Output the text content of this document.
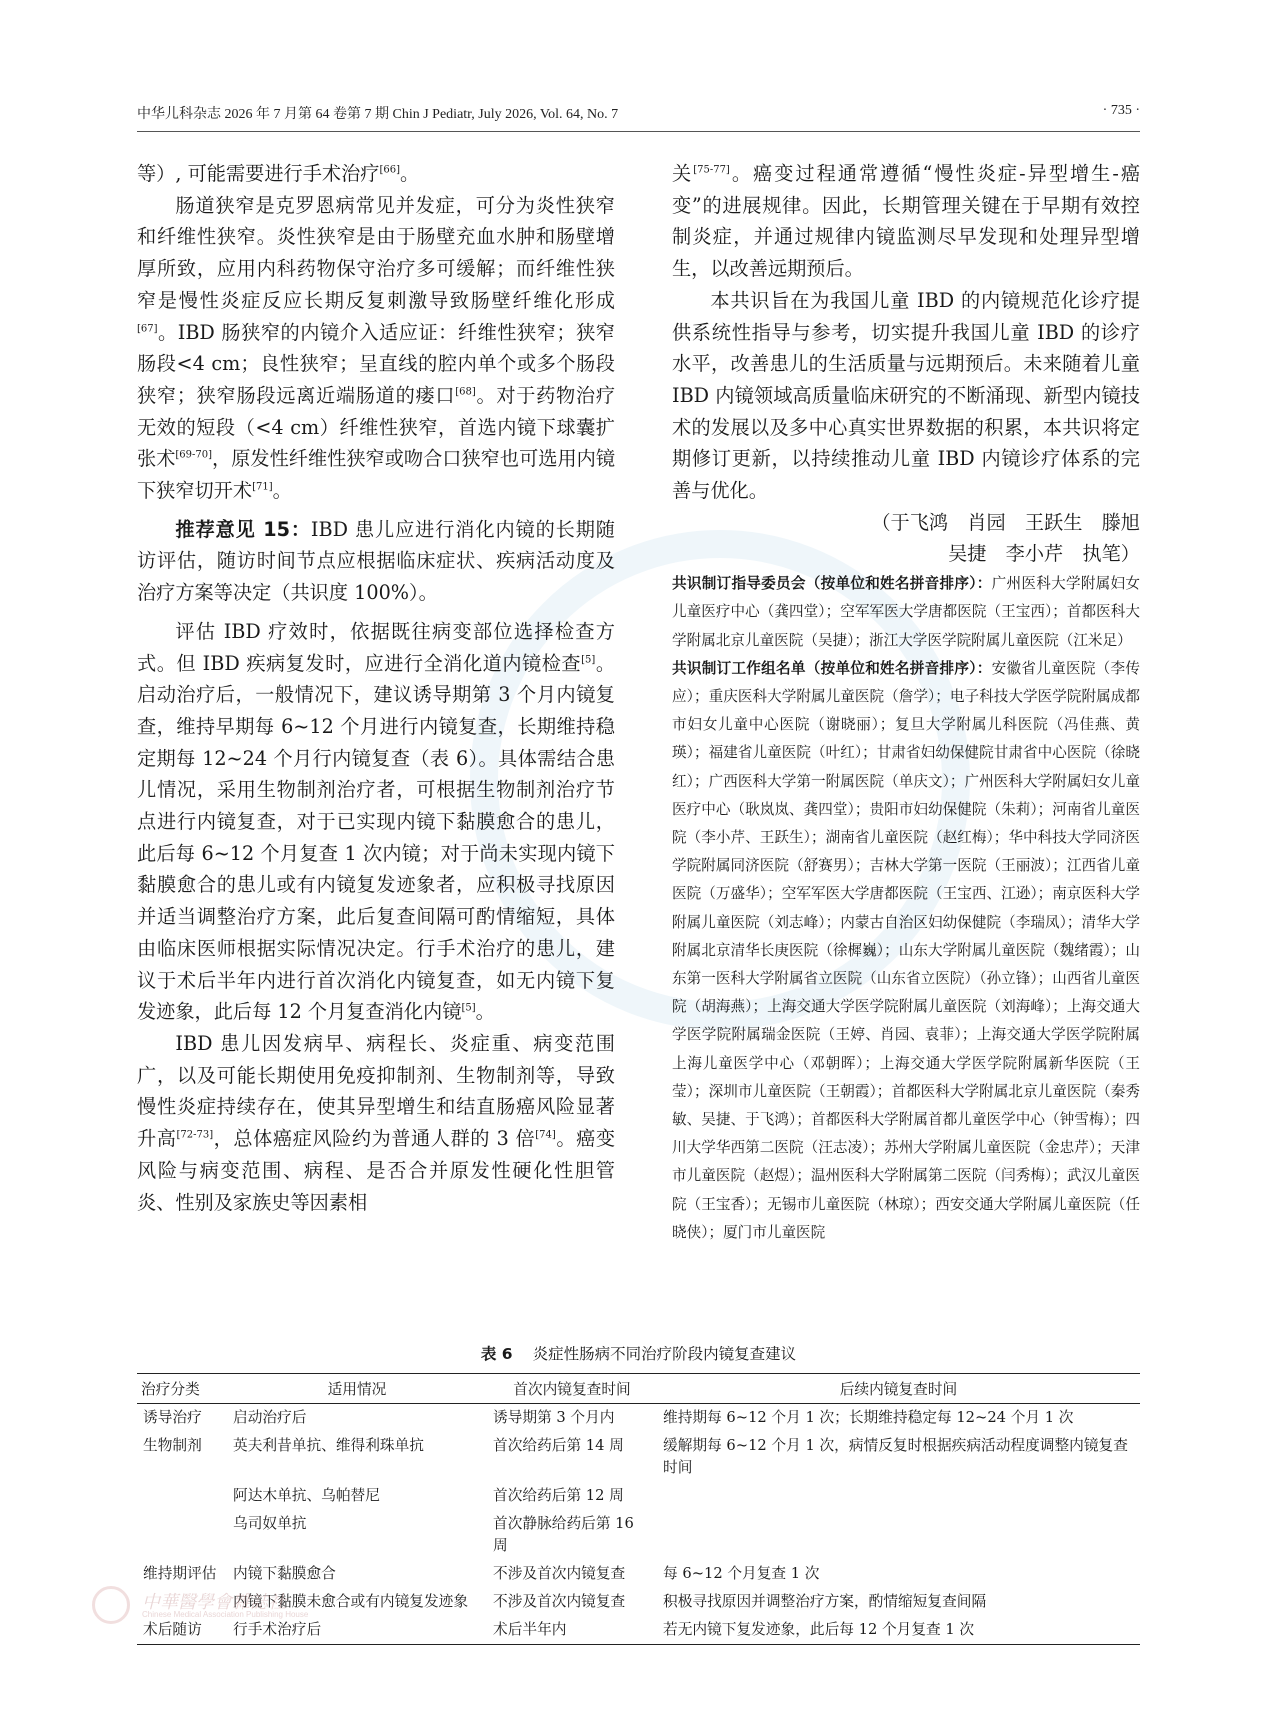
中华儿科杂志 2026 年 7 月第 64 卷第 7 期 Chin J Pediatr, July 2026, Vol. 64, No. 7	· 735 ·

等）, 可能需要进行手术治疗[66]。

肠道狭窄是克罗恩病常见并发症，可分为炎性狭窄和纤维性狭窄。炎性狭窄是由于肠壁充血水肿和肠壁增厚所致，应用内科药物保守治疗多可缓解；而纤维性狭窄是慢性炎症反应长期反复刺激导致肠壁纤维化形成[67]。IBD 肠狭窄的内镜介入适应证：纤维性狭窄；狭窄肠段<4 cm；良性狭窄；呈直线的腔内单个或多个肠段狭窄；狭窄肠段远离近端肠道的瘘口[68]。对于药物治疗无效的短段（<4 cm）纤维性狭窄，首选内镜下球囊扩张术[69-70]，原发性纤维性狭窄或吻合口狭窄也可选用内镜下狭窄切开术[71]。

推荐意见 15：IBD 患儿应进行消化内镜的长期随访评估，随访时间节点应根据临床症状、疾病活动度及治疗方案等决定（共识度 100%）。

评估 IBD 疗效时，依据既往病变部位选择检查方式。但 IBD 疾病复发时，应进行全消化道内镜检查[5]。启动治疗后，一般情况下，建议诱导期第 3 个月内镜复查，维持早期每 6~12 个月进行内镜复查，长期维持稳定期每 12~24 个月行内镜复查（表 6）。具体需结合患儿情况，采用生物制剂治疗者，可根据生物制剂治疗节点进行内镜复查，对于已实现内镜下黏膜愈合的患儿，此后每 6~12 个月复查 1 次内镜；对于尚未实现内镜下黏膜愈合的患儿或有内镜复发迹象者，应积极寻找原因并适当调整治疗方案，此后复查间隔可酌情缩短，具体由临床医师根据实际情况决定。行手术治疗的患儿，建议于术后半年内进行首次消化内镜复查，如无内镜下复发迹象，此后每 12 个月复查消化内镜[5]。

IBD 患儿因发病早、病程长、炎症重、病变范围广，以及可能长期使用免疫抑制剂、生物制剂等，导致慢性炎症持续存在，使其异型增生和结直肠癌风险显著升高[72-73]，总体癌症风险约为普通人群的 3 倍[74]。癌变风险与病变范围、病程、是否合并原发性硬化性胆管炎、性别及家族史等因素相

关[75-77]。癌变过程通常遵循“慢性炎症-异型增生-癌变”的进展规律。因此，长期管理关键在于早期有效控制炎症，并通过规律内镜监测尽早发现和处理异型增生，以改善远期预后。

本共识旨在为我国儿童 IBD 的内镜规范化诊疗提供系统性指导与参考，切实提升我国儿童 IBD 的诊疗水平，改善患儿的生活质量与远期预后。未来随着儿童 IBD 内镜领域高质量临床研究的不断涌现、新型内镜技术的发展以及多中心真实世界数据的积累，本共识将定期修订更新，以持续推动儿童 IBD 内镜诊疗体系的完善与优化。

（于飞鸿　肖园　王跃生　滕旭

吴捷　李小芹　执笔）

共识制订指导委员会（按单位和姓名拼音排序）：广州医科大学附属妇女儿童医疗中心（龚四堂）；空军军医大学唐都医院（王宝西）；首都医科大学附属北京儿童医院（吴捷）；浙江大学医学院附属儿童医院（江米足）

共识制订工作组名单（按单位和姓名拼音排序）：安徽省儿童医院（李传应）；重庆医科大学附属儿童医院（詹学）；电子科技大学医学院附属成都市妇女儿童中心医院（谢晓丽）；复旦大学附属儿科医院（冯佳燕、黄瑛）；福建省儿童医院（叶红）；甘肃省妇幼保健院甘肃省中心医院（徐晓红）；广西医科大学第一附属医院（单庆文）；广州医科大学附属妇女儿童医疗中心（耿岚岚、龚四堂）；贵阳市妇幼保健院（朱莉）；河南省儿童医院（李小芹、王跃生）；湖南省儿童医院（赵红梅）；华中科技大学同济医学院附属同济医院（舒赛男）；吉林大学第一医院（王丽波）；江西省儿童医院（万盛华）；空军军医大学唐都医院（王宝西、江逊）；南京医科大学附属儿童医院（刘志峰）；内蒙古自治区妇幼保健院（李瑞凤）；清华大学附属北京清华长庚医院（徐樨巍）；山东大学附属儿童医院（魏绪霞）；山东第一医科大学附属省立医院（山东省立医院）（孙立锋）；山西省儿童医院（胡海燕）；上海交通大学医学院附属儿童医院（刘海峰）；上海交通大学医学院附属瑞金医院（王婷、肖园、袁菲）；上海交通大学医学院附属上海儿童医学中心（邓朝晖）；上海交通大学医学院附属新华医院（王莹）；深圳市儿童医院（王朝霞）；首都医科大学附属北京儿童医院（秦秀敏、吴捷、于飞鸿）；首都医科大学附属首都儿童医学中心（钟雪梅）；四川大学华西第二医院（汪志凌）；苏州大学附属儿童医院（金忠芹）；天津市儿童医院（赵煜）；温州医科大学附属第二医院（闫秀梅）；武汉儿童医院（王宝香）；无锡市儿童医院（林琼）；西安交通大学附属儿童医院（任晓侠）；厦门市儿童医院

表 6 炎症性肠病不同治疗阶段内镜复查建议
治疗分类	适用情况	首次内镜复查时间	后续内镜复查时间
诱导治疗	启动治疗后	诱导期第 3 个月内	维持期每 6~12 个月 1 次；长期维持稳定每 12~24 个月 1 次
生物制剂	英夫利昔单抗、维得利珠单抗	首次给药后第 14 周	缓解期每 6~12 个月 1 次，病情反复时根据疾病活动程度调整内镜复查时间
	阿达木单抗、乌帕替尼	首次给药后第 12 周	
	乌司奴单抗	首次静脉给药后第 16 周	
维持期评估	内镜下黏膜愈合	不涉及首次内镜复查	每 6~12 个月复查 1 次
	内镜下黏膜未愈合或有内镜复发迹象	不涉及首次内镜复查	积极寻找原因并调整治疗方案，酌情缩短复查间隔
术后随访	行手术治疗后	术后半年内	若无内镜下复发迹象，此后每 12 个月复查 1 次
中華醫學會雜誌社
Chinese Medical Association Publishing House
